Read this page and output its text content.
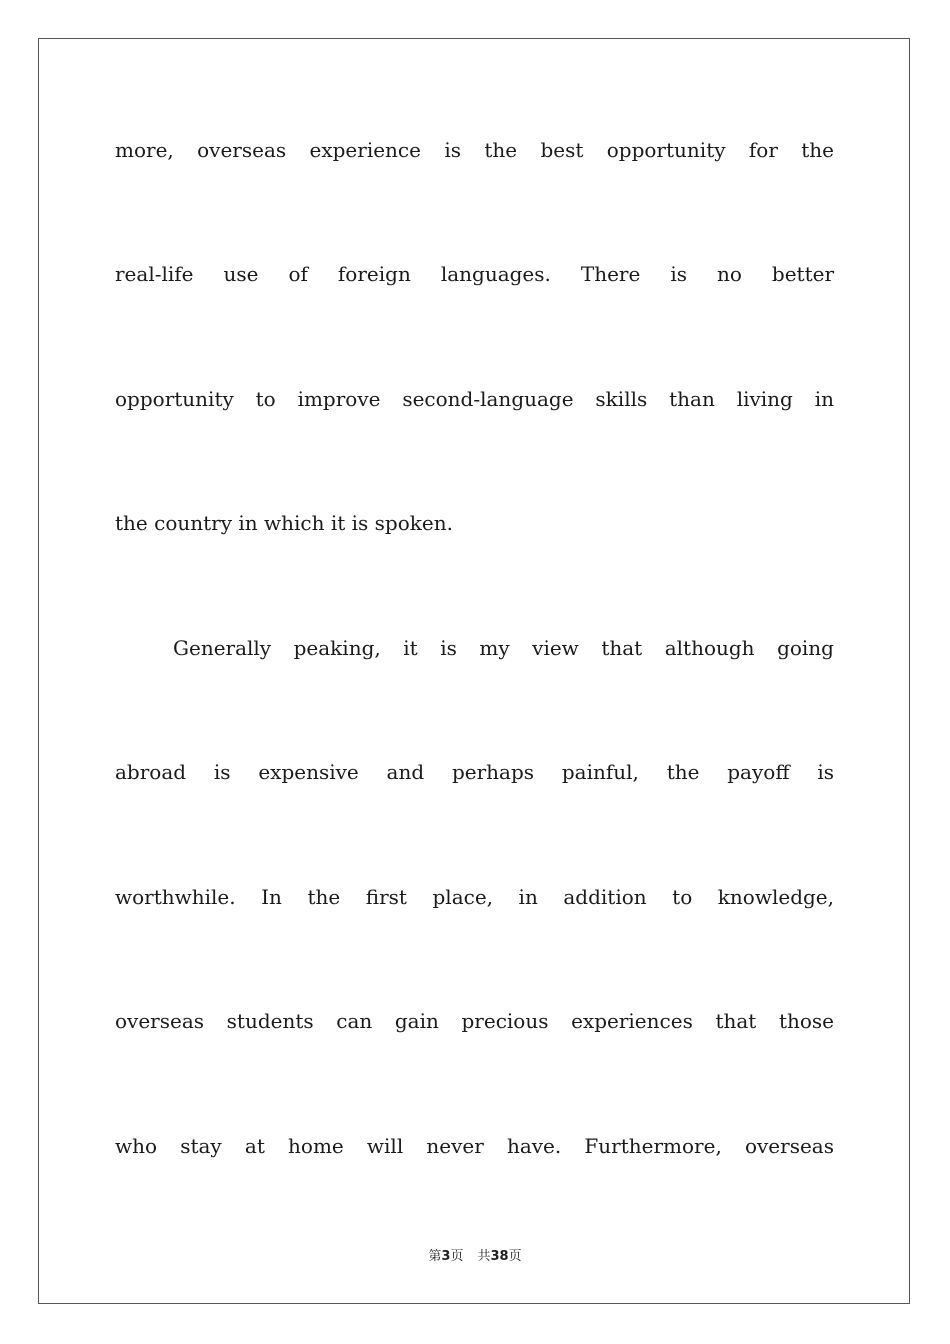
more, overseas experience is the best opportunity for the
real-life use of foreign languages. There is no better
opportunity to improve second-language skills than living in
the country in which it is spoken.
Generally peaking, it is my view that although going
abroad is expensive and perhaps painful, the payoff is
worthwhile. In the first place, in addition to knowledge,
overseas students can gain precious experiences that those
who stay at home will never have. Furthermore, overseas
第3页 共38页
